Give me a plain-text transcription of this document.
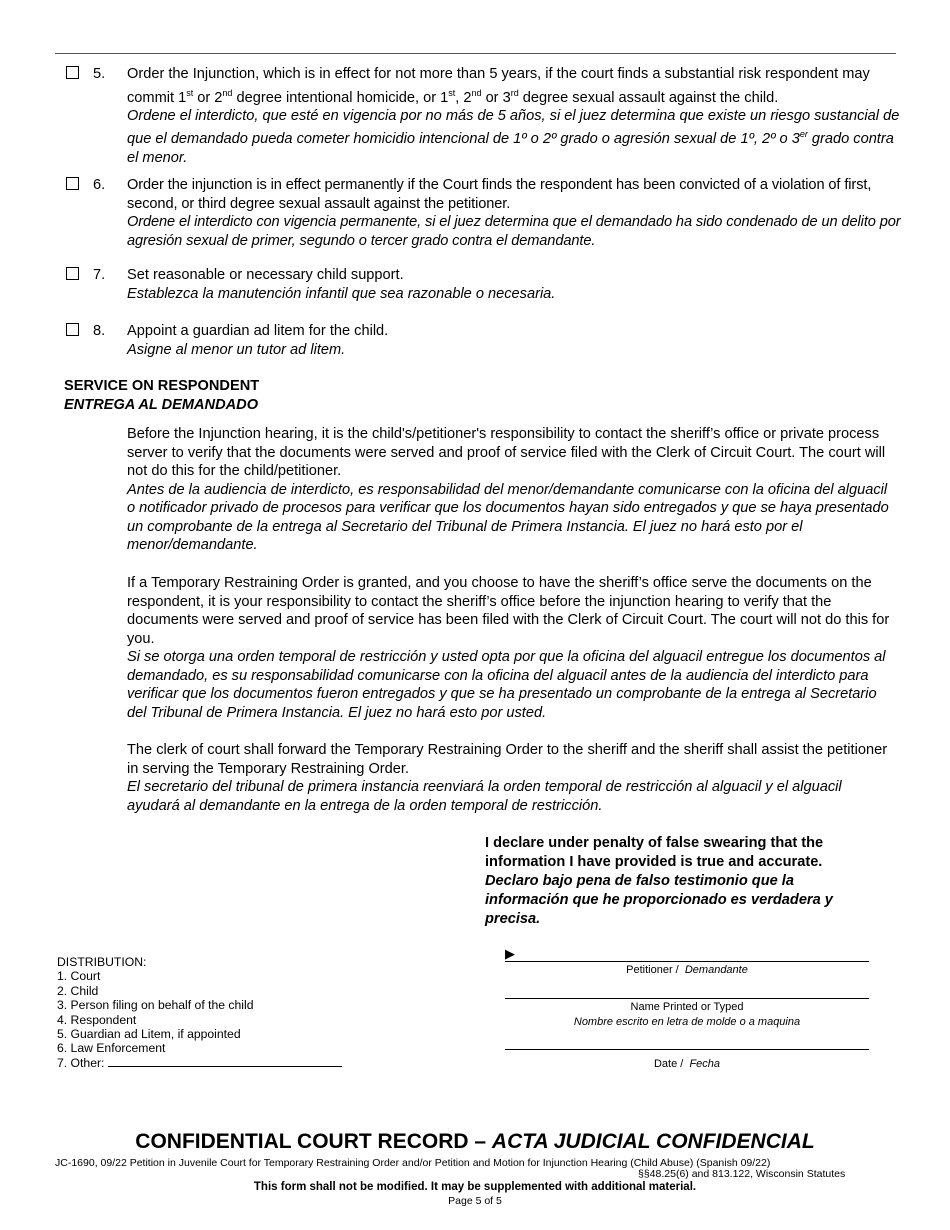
5. Order the Injunction, which is in effect for not more than 5 years, if the court finds a substantial risk respondent may commit 1st or 2nd degree intentional homicide, or 1st, 2nd or 3rd degree sexual assault against the child.
Ordene el interdicto, que esté en vigencia por no más de 5 años, si el juez determina que existe un riesgo sustancial de que el demandado pueda cometer homicidio intencional de 1º o 2º grado o agresión sexual de 1º, 2º o 3er grado contra el menor.
6. Order the injunction is in effect permanently if the Court finds the respondent has been convicted of a violation of first, second, or third degree sexual assault against the petitioner.
Ordene el interdicto con vigencia permanente, si el juez determina que el demandado ha sido condenado de un delito por agresión sexual de primer, segundo o tercer grado contra el demandante.
7. Set reasonable or necessary child support.
Establezca la manutención infantil que sea razonable o necesaria.
8. Appoint a guardian ad litem for the child.
Asigne al menor un tutor ad litem.
SERVICE ON RESPONDENT
ENTREGA AL DEMANDADO
Before the Injunction hearing, it is the child's/petitioner's responsibility to contact the sheriff’s office or private process server to verify that the documents were served and proof of service filed with the Clerk of Circuit Court. The court will not do this for the child/petitioner.
Antes de la audiencia de interdicto, es responsabilidad del menor/demandante comunicarse con la oficina del alguacil o notificador privado de procesos para verificar que los documentos hayan sido entregados y que se haya presentado un comprobante de la entrega al Secretario del Tribunal de Primera Instancia. El juez no hará esto por el menor/demandante.
If a Temporary Restraining Order is granted, and you choose to have the sheriff’s office serve the documents on the respondent, it is your responsibility to contact the sheriff’s office before the injunction hearing to verify that the documents were served and proof of service has been filed with the Clerk of Circuit Court. The court will not do this for you.
Si se otorga una orden temporal de restricción y usted opta por que la oficina del alguacil entregue los documentos al demandado, es su responsabilidad comunicarse con la oficina del alguacil antes de la audiencia del interdicto para verificar que los documentos fueron entregados y que se ha presentado un comprobante de la entrega al Secretario del Tribunal de Primera Instancia. El juez no hará esto por usted.
The clerk of court shall forward the Temporary Restraining Order to the sheriff and the sheriff shall assist the petitioner in serving the Temporary Restraining Order.
El secretario del tribunal de primera instancia reenviará la orden temporal de restricción al alguacil y el alguacil ayudará al demandante en la entrega de la orden temporal de restricción.
I declare under penalty of false swearing that the information I have provided is true and accurate.
Declaro bajo pena de falso testimonio que la información que he proporcionado es verdadera y precisa.
▶
Petitioner / Demandante
Name Printed or Typed
Nombre escrito en letra de molde o a maquina
Date / Fecha
DISTRIBUTION:
1. Court
2. Child
3. Person filing on behalf of the child
4. Respondent
5. Guardian ad Litem, if appointed
6. Law Enforcement
7. Other:
CONFIDENTIAL COURT RECORD – ACTA JUDICIAL CONFIDENCIAL
JC-1690, 09/22 Petition in Juvenile Court for Temporary Restraining Order and/or Petition and Motion for Injunction Hearing (Child Abuse) (Spanish 09/22)
§§48.25(6) and 813.122, Wisconsin Statutes
This form shall not be modified. It may be supplemented with additional material.
Page 5 of 5
